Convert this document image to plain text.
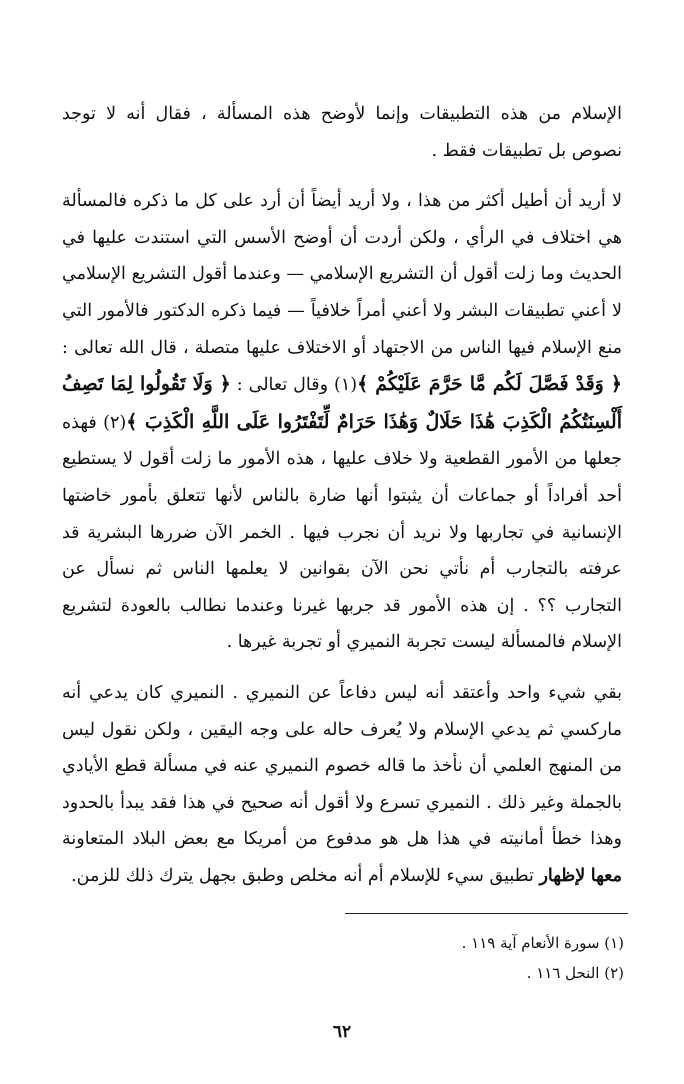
الإسلام من هذه التطبيقات وإنما لأوضح هذه المسألة ، فقال أنه لا توجد نصوص بل تطبيقات فقط .

لا أريد أن أطيل أكثر من هذا ، ولا أريد أيضاً أن أرد على كل ما ذكره فالمسألة هي اختلاف في الرأي ، ولكن أردت أن أوضح الأسس التي استندت عليها في الحديث وما زلت أقول أن التشريع الإسلامي — وعندما أقول التشريع الإسلامي لا أعني تطبيقات البشر ولا أعني أمراً خلافياً — فيما ذكره الدكتور فالأمور التي منع الإسلام فيها الناس من الاجتهاد أو الاختلاف عليها متصلة ، قال الله تعالى : ﴿ وَقَدْ فَصَّلَ لَكُم مَّا حَرَّمَ عَلَيْكُمْ ﴾(١) وقال تعالى : ﴿ وَلَا تَقُولُوا لِمَا تَصِفُ أَلْسِنَتُكُمُ الْكَذِبَ هَٰذَا حَلَالٌ وَهَٰذَا حَرَامٌ لِّتَفْتَرُوا عَلَى اللَّهِ الْكَذِبَ ﴾(٢) فهذه جعلها من الأمور القطعية ولا خلاف عليها ، هذه الأمور ما زلت أقول لا يستطيع أحد أفراداً أو جماعات أن يثبتوا أنها ضارة بالناس لأنها تتعلق بأمور خاضتها الإنسانية في تجاربها ولا نريد أن نجرب فيها . الخمر الآن ضررها البشرية قد عرفته بالتجارب أم نأتي نحن الآن بقوانين لا يعلمها الناس ثم نسأل عن التجارب ؟؟ . إن هذه الأمور قد جربها غيرنا وعندما نطالب بالعودة لتشريع الإسلام فالمسألة ليست تجربة النميري أو تجربة غيرها .

بقي شيء واحد وأعتقد أنه ليس دفاعاً عن النميري . النميري كان يدعي أنه ماركسي ثم يدعي الإسلام ولا يُعرف حاله على وجه اليقين ، ولكن نقول ليس من المنهج العلمي أن نأخذ ما قاله خصوم النميري عنه في مسألة قطع الأيادي بالجملة وغير ذلك . النميري تسرع ولا أقول أنه صحيح في هذا فقد يبدأ بالحدود وهذا خطأ أمانيته في هذا هل هو مدفوع من أمريكا مع بعض البلاد المتعاونة معها لإظهار تطبيق سيء للإسلام أم أنه مخلص وطبق بجهل يترك ذلك للزمن.

(١) سورة الأنعام آية ١١٩ .

(٢) النحل ١١٦ .

٦٢
